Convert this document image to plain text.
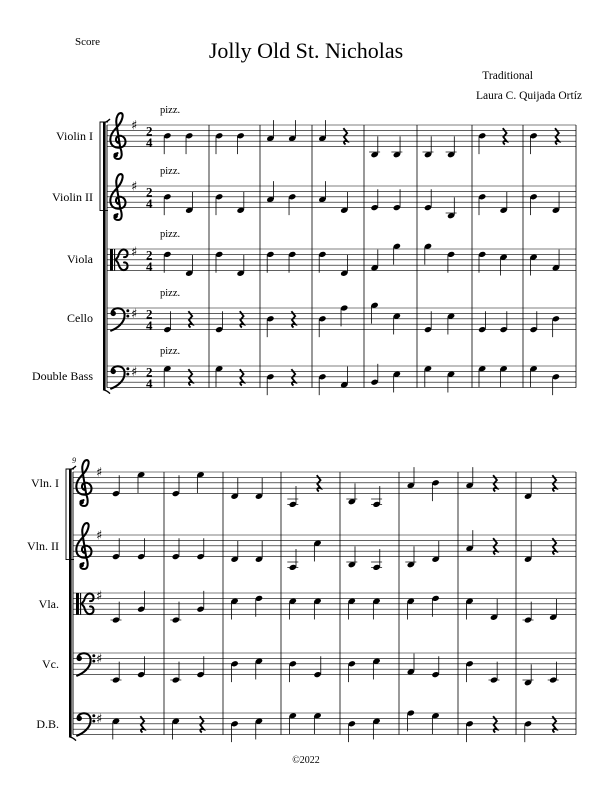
♯ 2
4
♯ 2
4
♯ 2
4
♯ 2
4
♯ 2
4
♯
♯
♯
♯
♯
Score	Jolly Old St. Nicholas
Traditional
Laura C. Quijada Ortíz
Violin I
Violin II
Viola
Cello
Double Bass
pizz.
pizz.
pizz.
pizz.
pizz.
9
Vln. I
Vln. II
Vla.
Vc.
D.B.
©2022
